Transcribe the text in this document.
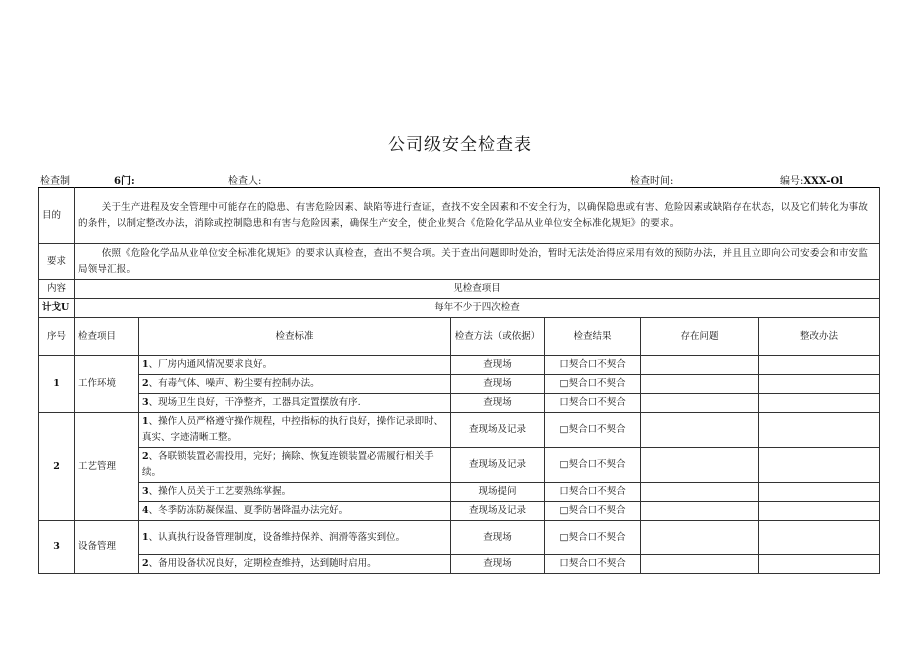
公司级安全检查表
检查制	6门:	检查人:	检查时间:	编号:XXX-Ol
目的	关于生产进程及安全管理中可能存在的隐患、有害危险因素、缺陷等进行查证，查找不安全因素和不安全行为，以确保隐患或有害、危险因素或缺陷存在状态，以及它们转化为事故的条件，以制定整改办法，消除或控制隐患和有害与危险因素，确保生产安全，使企业契合《危险化学品从业单位安全标准化规矩》的要求。					
要求	依照《危险化学品从业单位安全标准化规矩》的要求认真检查，查出不契合项。关于查出问题即时处治，暂时无法处治得应采用有效的预防办法，并且且立即向公司安委会和市安监局领导汇报。					
内容	见检查项目					
计戈U	每年不少于四次检查					
序号	检查项目	检查标准	检查方法（或依据）	检查结果	存在问题	整改办法
1	工作环境	1、厂房内通风情况要求良好。	查现场	口契合口不契合		
		2、有毒气体、噪声、粉尘要有控制办法。	查现场	□契合口不契合		
		3、现场卫生良好，干净整齐，工器具定置摆放有序.	查现场	口契合口不契合		
2	工艺管理	1、操作人员严格遵守操作规程，中控指标的执行良好，操作记录即时、真实、字迹清晰工整。	查现场及记录	□契合口不契合		
		2、各联锁装置必需投用，完好；摘除、恢复连锁装置必需履行相关手续。	查现场及记录	□契合口不契合		
		3、操作人员关于工艺要熟练掌握。	现场提问	口契合口不契合		
		4、冬季防冻防凝保温、夏季防暑降温办法完好。	查现场及记录	□契合口不契合		
3	设备管理	1、认真执行设备管理制度，设备维持保养、润滑等落实到位。	查现场	□契合口不契合		
		2、备用设备状况良好，定期检查维持，达到随时启用。	查现场	口契合口不契合		
